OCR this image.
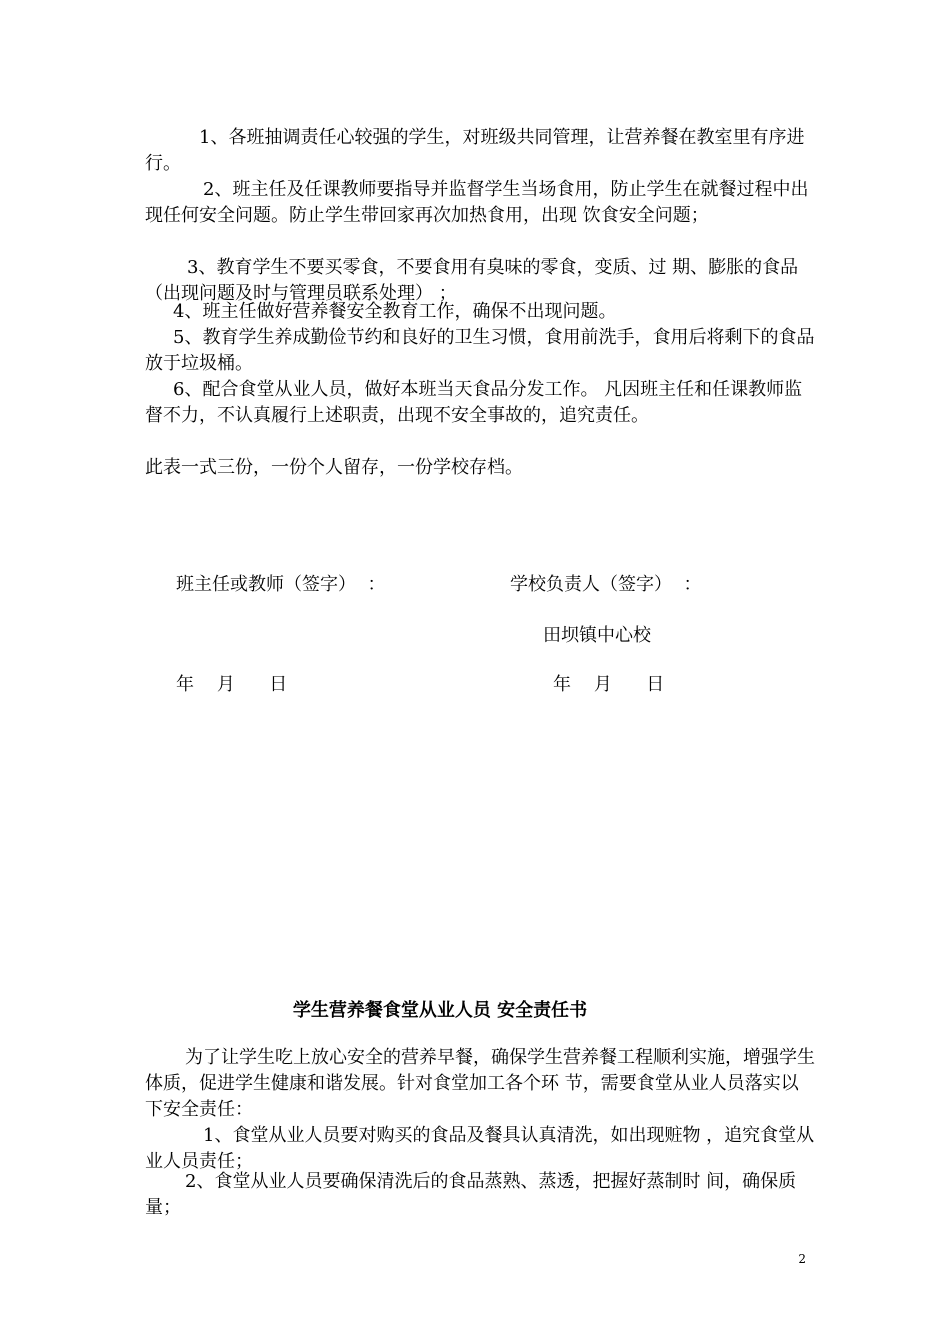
1、各班抽调责任心较强的学生，对班级共同管理，让营养餐在教室里有序进行。

2、班主任及任课教师要指导并监督学生当场食用，防止学生在就餐过程中出现任何安全问题。防止学生带回家再次加热食用，出现 饮食安全问题；

3、教育学生不要买零食，不要食用有臭味的零食，变质、过 期、膨胀的食品（出现问题及时与管理员联系处理） ；

4、班主任做好营养餐安全教育工作，确保不出现问题。

5、教育学生养成勤俭节约和良好的卫生习惯，食用前洗手，食用后将剩下的食品放于垃圾桶。

6、配合食堂从业人员，做好本班当天食品分发工作。 凡因班主任和任课教师监督不力，不认真履行上述职责，出现不安全事故的，追究责任。

此表一式三份，一份个人留存，一份学校存档。

班主任或教师（签字）  ：	学校负责人（签字）  ：
田坝镇中心校
年    月      日	年    月      日
学生营养餐食堂从业人员 安全责任书

为了让学生吃上放心安全的营养早餐，确保学生营养餐工程顺利实施，增强学生体质，促进学生健康和谐发展。针对食堂加工各个环 节，需要食堂从业人员落实以下安全责任：

1、食堂从业人员要对购买的食品及餐具认真清洗，如出现赃物 ，追究食堂从业人员责任；

2、食堂从业人员要确保清洗后的食品蒸熟、蒸透，把握好蒸制时 间，确保质量；

2
